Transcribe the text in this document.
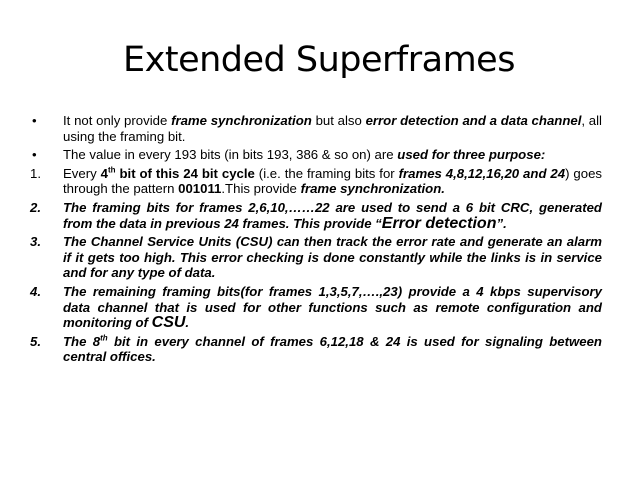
Extended Superframes
• It not only provide frame synchronization but also error detection and a data channel, all using the framing bit.
• The value in every 193 bits (in bits 193, 386 & so on) are used for three purpose:
1. Every 4th bit of this 24 bit cycle (i.e. the framing bits for frames 4,8,12,16,20 and 24) goes through the pattern 001011.This provide frame synchronization.
2. The framing bits for frames 2,6,10,……22 are used to send a 6 bit CRC, generated from the data in previous 24 frames. This provide “Error detection”.
3. The Channel Service Units (CSU) can then track the error rate and generate an alarm if it gets too high. This error checking is done constantly while the links is in service and for any type of data.
4. The remaining framing bits(for frames 1,3,5,7,….,23) provide a 4 kbps supervisory data channel that is used for other functions such as remote configuration and monitoring of CSU.
5. The 8th bit in every channel of frames 6,12,18 & 24 is used for signaling between central offices.
